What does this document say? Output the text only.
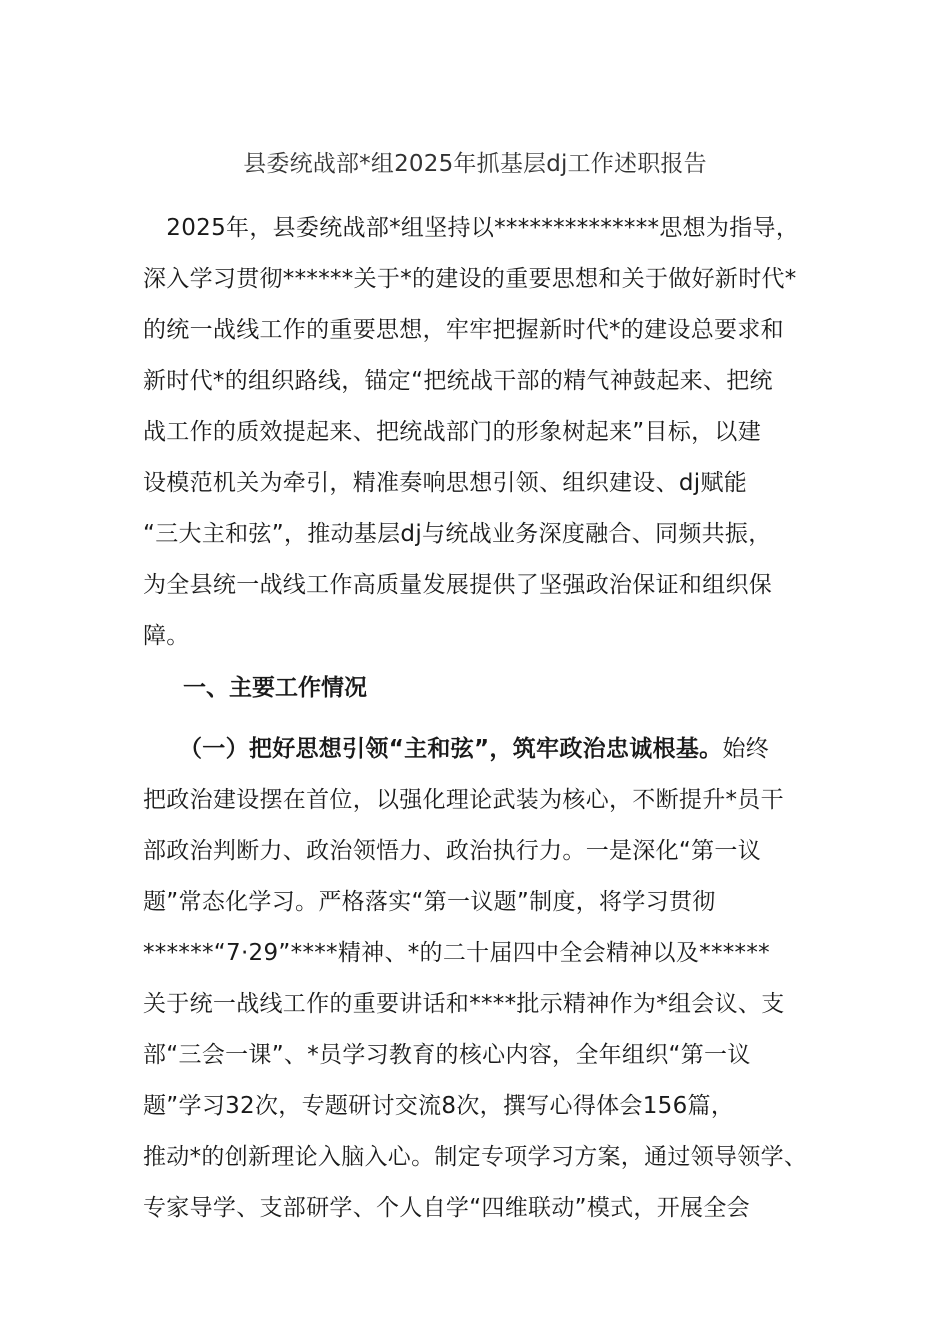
县委统战部*组2025年抓基层dj工作述职报告
　2025年，县委统战部*组坚持以**************思想为指导，
深入学习贯彻******关于*的建设的重要思想和关于做好新时代*
的统一战线工作的重要思想，牢牢把握新时代*的建设总要求和
新时代*的组织路线，锚定“把统战干部的精气神鼓起来、把统
战工作的质效提起来、把统战部门的形象树起来”目标，以建
设模范机关为牵引，精准奏响思想引领、组织建设、dj赋能
“三大主和弦”，推动基层dj与统战业务深度融合、同频共振，
为全县统一战线工作高质量发展提供了坚强政治保证和组织保
障。
一、主要工作情况
（一）把好思想引领“主和弦”，筑牢政治忠诚根基。始终
把政治建设摆在首位，以强化理论武装为核心，不断提升*员干
部政治判断力、政治领悟力、政治执行力。一是深化“第一议
题”常态化学习。严格落实“第一议题”制度，将学习贯彻
******“7·29”****精神、*的二十届四中全会精神以及******
关于统一战线工作的重要讲话和****批示精神作为*组会议、支
部“三会一课”、*员学习教育的核心内容，全年组织“第一议
题”学习32次，专题研讨交流8次，撰写心得体会156篇，
推动*的创新理论入脑入心。制定专项学习方案，通过领导领学、
专家导学、支部研学、个人自学“四维联动”模式，开展全会
